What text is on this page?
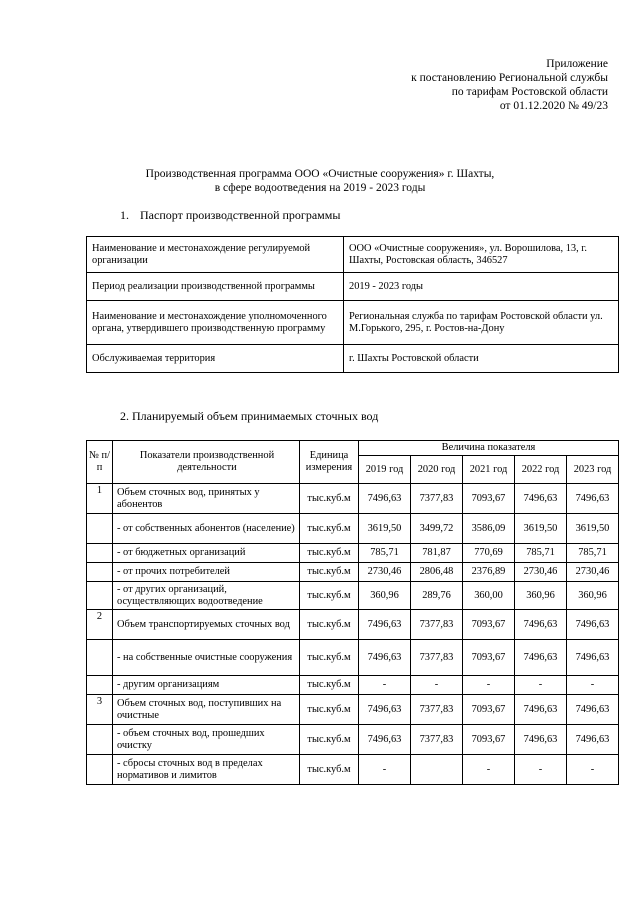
Приложение
к постановлению Региональной службы
по тарифам Ростовской области
от 01.12.2020 № 49/23
Производственная программа ООО «Очистные сооружения» г. Шахты,
в сфере водоотведения на 2019 - 2023 годы
1. Паспорт производственной программы
Наименование и местонахождение регулируемой организации	ООО «Очистные сооружения», ул. Ворошилова, 13, г. Шахты, Ростовская область, 346527
Период реализации производственной программы	2019 - 2023 годы
Наименование и местонахождение уполномоченного органа, утвердившего производственную программу	Региональная служба по тарифам Ростовской области ул. М.Горького, 295, г. Ростов-на-Дону
Обслуживаемая территория	г. Шахты Ростовской области
2. Планируемый объем принимаемых сточных вод
№ п/п	Показатели производственной деятельности	Единица измерения	Величина показателя				
			2019 год	2020 год	2021 год	2022 год	2023 год
1	Объем сточных вод, принятых у абонентов	тыс.куб.м	7496,63	7377,83	7093,67	7496,63	7496,63
	- от собственных абонентов (население)	тыс.куб.м	3619,50	3499,72	3586,09	3619,50	3619,50
	- от бюджетных организаций	тыс.куб.м	785,71	781,87	770,69	785,71	785,71
	- от прочих потребителей	тыс.куб.м	2730,46	2806,48	2376,89	2730,46	2730,46
	- от других организаций, осуществляющих водоотведение	тыс.куб.м	360,96	289,76	360,00	360,96	360,96
2	Объем транспортируемых сточных вод	тыс.куб.м	7496,63	7377,83	7093,67	7496,63	7496,63
	- на собственные очистные сооружения	тыс.куб.м	7496,63	7377,83	7093,67	7496,63	7496,63
	- другим организациям	тыс.куб.м	-	-	-	-	-
3	Объем сточных вод, поступивших на очистные	тыс.куб.м	7496,63	7377,83	7093,67	7496,63	7496,63
	- объем сточных вод, прошедших очистку	тыс.куб.м	7496,63	7377,83	7093,67	7496,63	7496,63
	- сбросы сточных вод в пределах нормативов и лимитов	тыс.куб.м	-		-	-	-
